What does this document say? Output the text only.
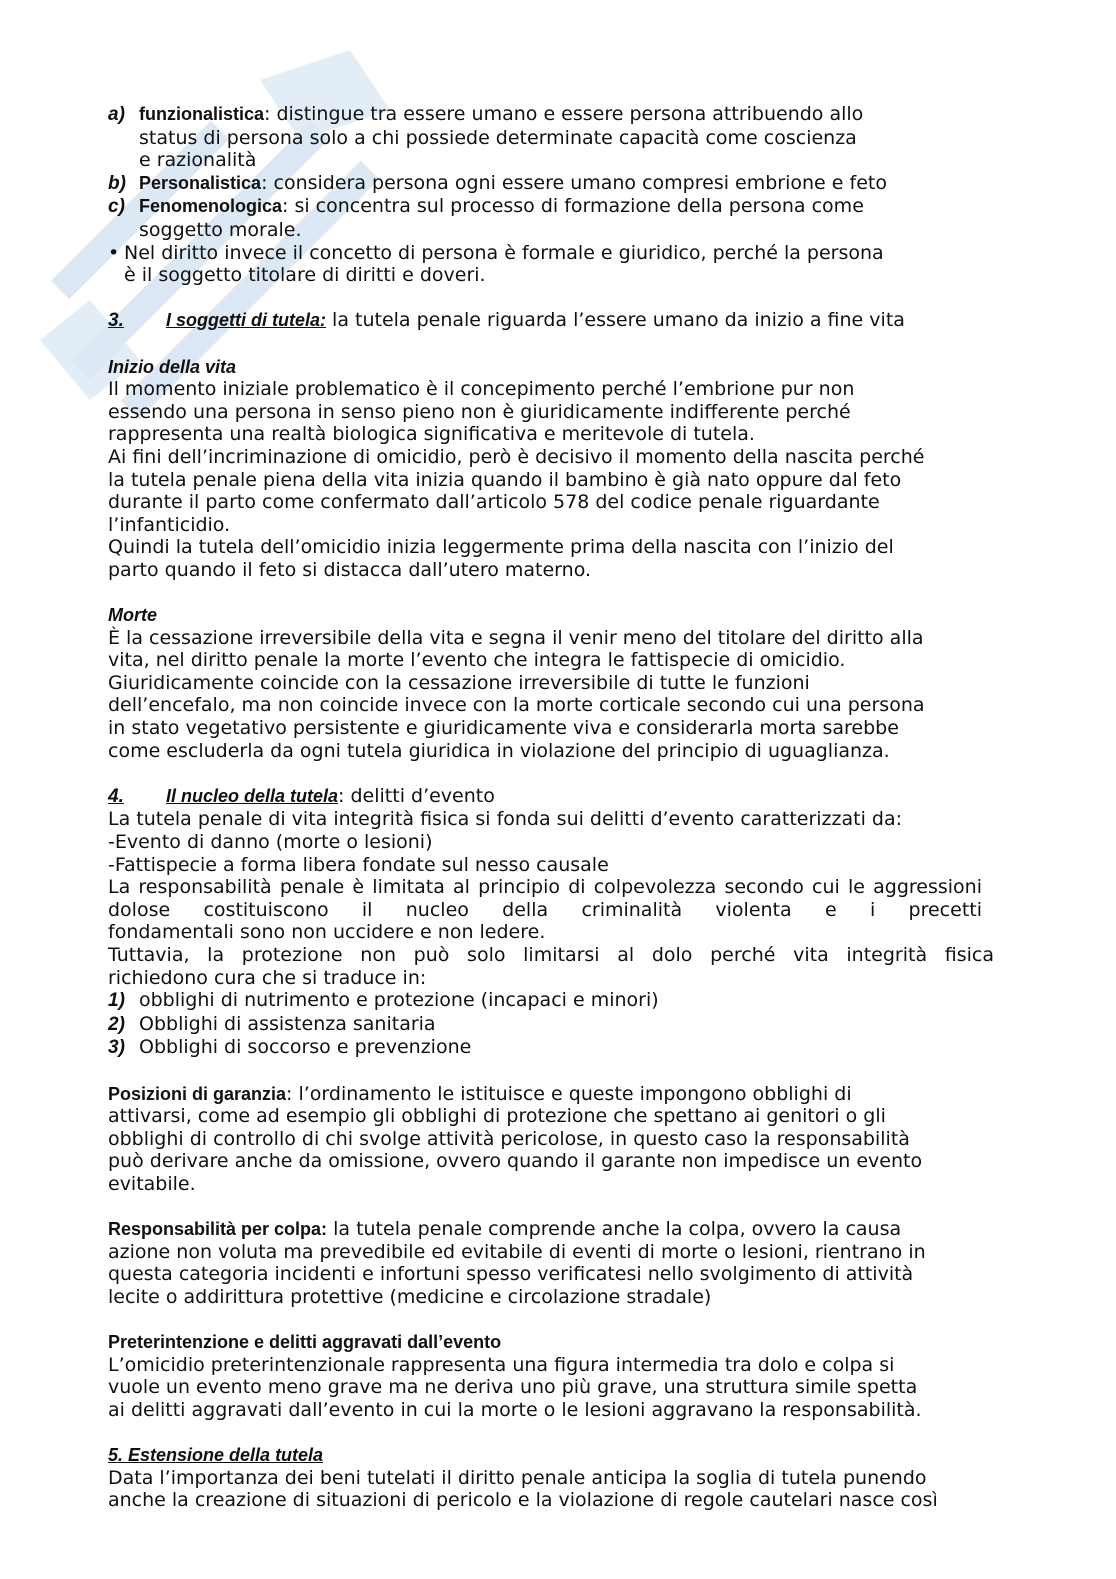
a) funzionalistica: distingue tra essere umano e essere persona attribuendo allo
status di persona solo a chi possiede determinate capacità come coscienza
e razionalità
b) Personalistica: considera persona ogni essere umano compresi embrione e feto
c) Fenomenologica: si concentra sul processo di formazione della persona come
soggetto morale.
• Nel diritto invece il concetto di persona è formale e giuridico, perché la persona
è il soggetto titolare di diritti e doveri.
3. I soggetti di tutela: la tutela penale riguarda l’essere umano da inizio a fine vita
Inizio della vita
Il momento iniziale problematico è il concepimento perché l’embrione pur non
essendo una persona in senso pieno non è giuridicamente indifferente perché
rappresenta una realtà biologica significativa e meritevole di tutela.
Ai fini dell’incriminazione di omicidio, però è decisivo il momento della nascita perché
la tutela penale piena della vita inizia quando il bambino è già nato oppure dal feto
durante il parto come confermato dall’articolo 578 del codice penale riguardante
l’infanticidio.
Quindi la tutela dell’omicidio inizia leggermente prima della nascita con l’inizio del
parto quando il feto si distacca dall’utero materno.
Morte
È la cessazione irreversibile della vita e segna il venir meno del titolare del diritto alla
vita, nel diritto penale la morte l’evento che integra le fattispecie di omicidio.
Giuridicamente coincide con la cessazione irreversibile di tutte le funzioni
dell’encefalo, ma non coincide invece con la morte corticale secondo cui una persona
in stato vegetativo persistente e giuridicamente viva e considerarla morta sarebbe
come escluderla da ogni tutela giuridica in violazione del principio di uguaglianza.
4. Il nucleo della tutela: delitti d’evento
La tutela penale di vita integrità fisica si fonda sui delitti d’evento caratterizzati da:
-Evento di danno (morte o lesioni)
-Fattispecie a forma libera fondate sul nesso causale
La responsabilità penale è limitata al principio di colpevolezza secondo cui le aggressioni dolose costituiscono il nucleo della criminalità violenta e i precetti
fondamentali sono non uccidere e non ledere.
Tuttavia, la protezione non può solo limitarsi al dolo perché vita integrità fisica
richiedono cura che si traduce in:
1) obblighi di nutrimento e protezione (incapaci e minori)
2) Obblighi di assistenza sanitaria
3) Obblighi di soccorso e prevenzione
Posizioni di garanzia: l’ordinamento le istituisce e queste impongono obblighi di
attivarsi, come ad esempio gli obblighi di protezione che spettano ai genitori o gli
obblighi di controllo di chi svolge attività pericolose, in questo caso la responsabilità
può derivare anche da omissione, ovvero quando il garante non impedisce un evento
evitabile.
Responsabilità per colpa: la tutela penale comprende anche la colpa, ovvero la causa
azione non voluta ma prevedibile ed evitabile di eventi di morte o lesioni, rientrano in
questa categoria incidenti e infortuni spesso verificatesi nello svolgimento di attività
lecite o addirittura protettive (medicine e circolazione stradale)
Preterintenzione e delitti aggravati dall’evento
L’omicidio preterintenzionale rappresenta una figura intermedia tra dolo e colpa si
vuole un evento meno grave ma ne deriva uno più grave, una struttura simile spetta
ai delitti aggravati dall’evento in cui la morte o le lesioni aggravano la responsabilità.
5. Estensione della tutela
Data l’importanza dei beni tutelati il diritto penale anticipa la soglia di tutela punendo
anche la creazione di situazioni di pericolo e la violazione di regole cautelari nasce così
